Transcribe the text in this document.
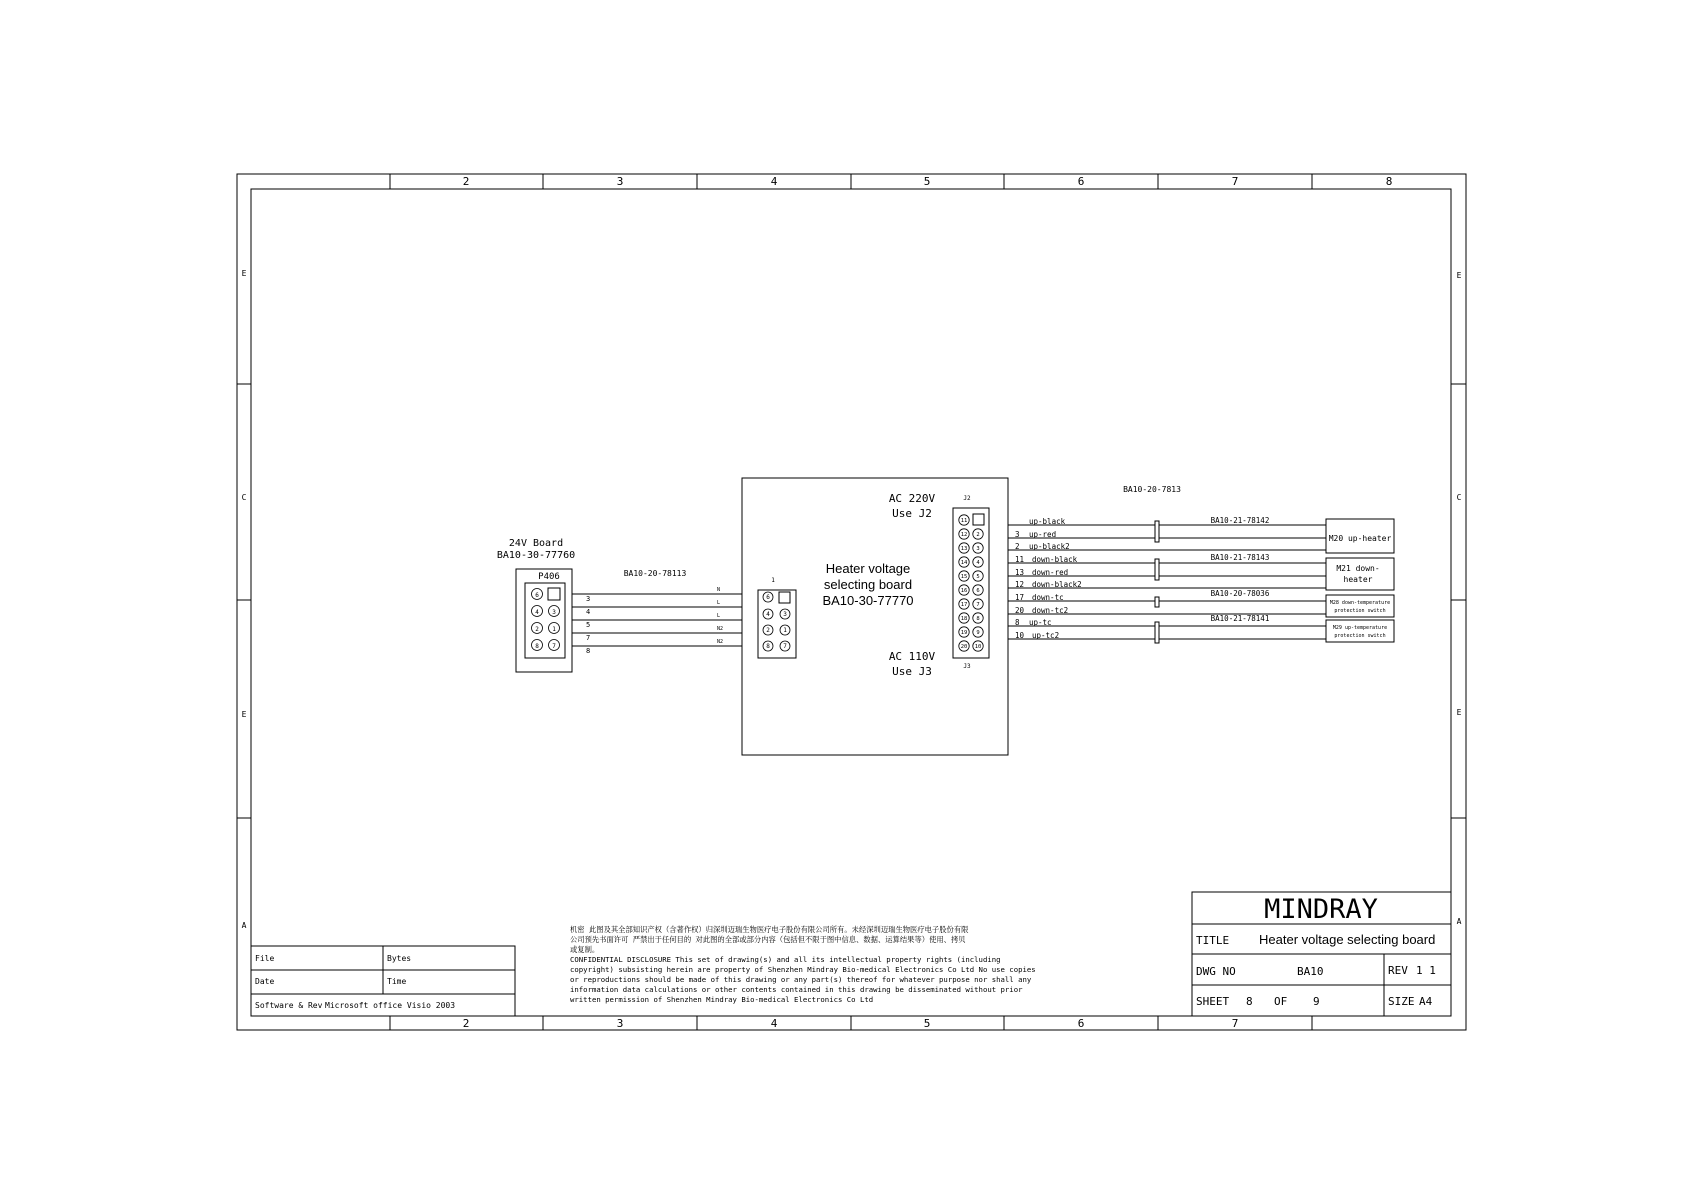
2	3	4	5	6	7	8
2	3	4	5	6	7
E
C
E
A
E
C
E
A
24V Board
BA10-30-77760
P406
6
4 3
2 1
8 7
BA10-20-78113
3
4
5
7
8
N
L
L
N2
N2
Heater voltage
selecting board
BA10-30-77770
1
6
4 3
2 1
8 7
AC 220V
Use J2
AC 110V
Use J3
J2
J3
11
12 2
13 3
14 4
15 5
16 6
17 7
18 8
19 9
20 10
BA10-20-7813
3
2
11
13
12
17
20
8
10
up-black
up-red
up-black2
down-black
down-red
down-black2
down-tc
down-tc2
up-tc
up-tc2
BA10-21-78142
BA10-21-78143
BA10-20-78036
BA10-21-78141
M20 up-heater
M21 down-
heater
M28 down-temperature
protection switch
M29 up-temperature
protection switch
File	Bytes
Date	Time
Software & Rev Microsoft office Visio 2003
机密 此图及其全部知识产权（含著作权）归深圳迈瑞生物医疗电子股份有限公司所有。未经深圳迈瑞生物医疗电子股份有限
公司预先书面许可 严禁出于任何目的 对此图的全部或部分内容（包括但不限于图中信息、数据、运算结果等）使用、拷贝
或复制。
CONFIDENTIAL DISCLOSURE This set of drawing(s) and all its intellectual property rights (including
copyright) subsisting herein are property of Shenzhen Mindray Bio-medical Electronics Co Ltd No use copies
or reproductions should be made of this drawing or any part(s) thereof for whatever purpose nor shall any
information data calculations or other contents contained in this drawing be disseminated without prior
written permission of Shenzhen Mindray Bio-medical Electronics Co Ltd
MINDRAY
TITLE Heater voltage selecting board
DWG NO	BA10	REV 1 1
SHEET 8 OF 9	SIZE A4
